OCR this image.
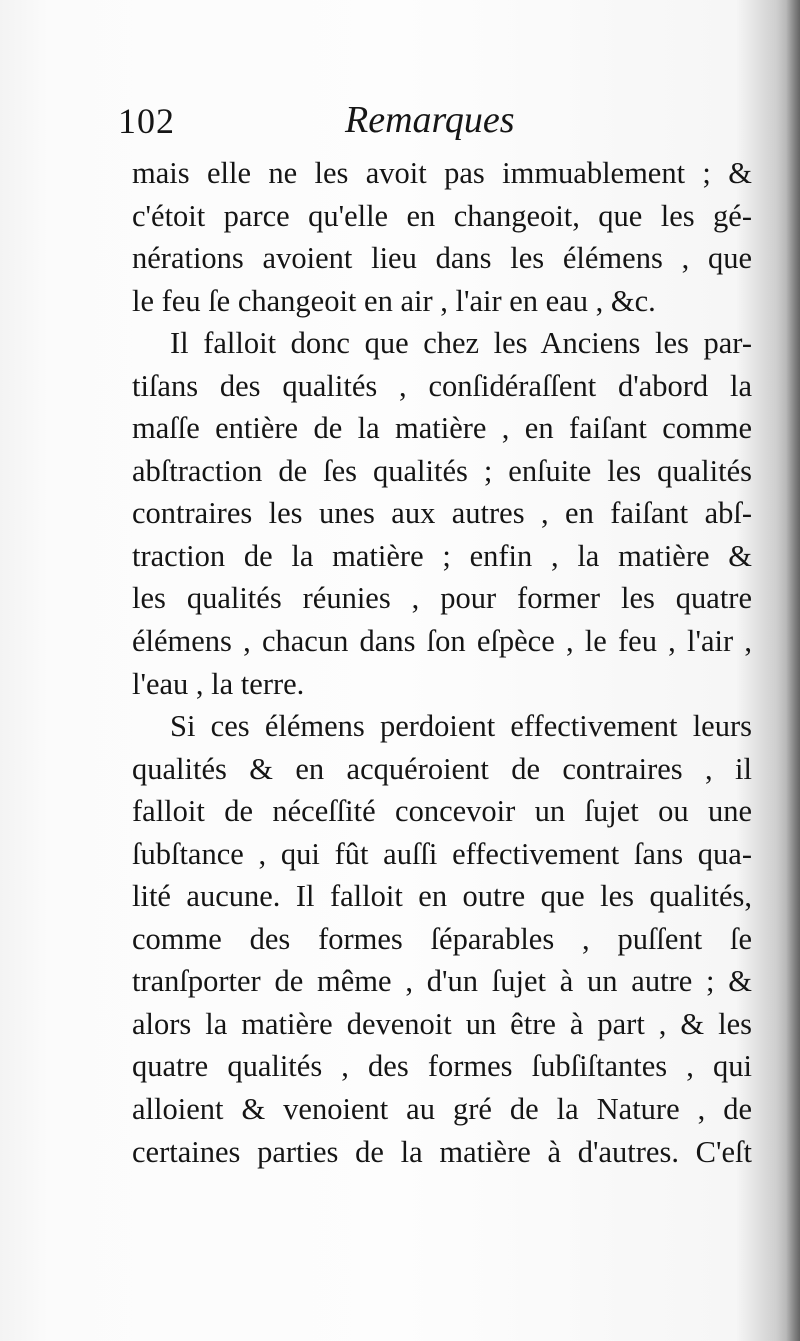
102	Remarques
mais elle ne les avoit pas immuablement ; &
c'étoit parce qu'elle en changeoit, que les gé-
nérations avoient lieu dans les élémens , que
le feu ſe changeoit en air , l'air en eau , &c.
Il falloit donc que chez les Anciens les par-
tiſans des qualités , conſidéraſſent d'abord la
maſſe entière de la matière , en faiſant comme
abſtraction de ſes qualités ; enſuite les qualités
contraires les unes aux autres , en faiſant abſ-
traction de la matière ; enfin , la matière &
les qualités réunies , pour former les quatre
élémens , chacun dans ſon eſpèce , le feu , l'air ,
l'eau , la terre.
Si ces élémens perdoient effectivement leurs
qualités & en acquéroient de contraires , il
falloit de néceſſité concevoir un ſujet ou une
ſubſtance , qui fût auſſi effectivement ſans qua-
lité aucune. Il falloit en outre que les qualités,
comme des formes ſéparables , puſſent ſe
tranſporter de même , d'un ſujet à un autre ; &
alors la matière devenoit un être à part , & les
quatre qualités , des formes ſubſiſtantes , qui
alloient & venoient au gré de la Nature , de
certaines parties de la matière à d'autres. C'eſt
